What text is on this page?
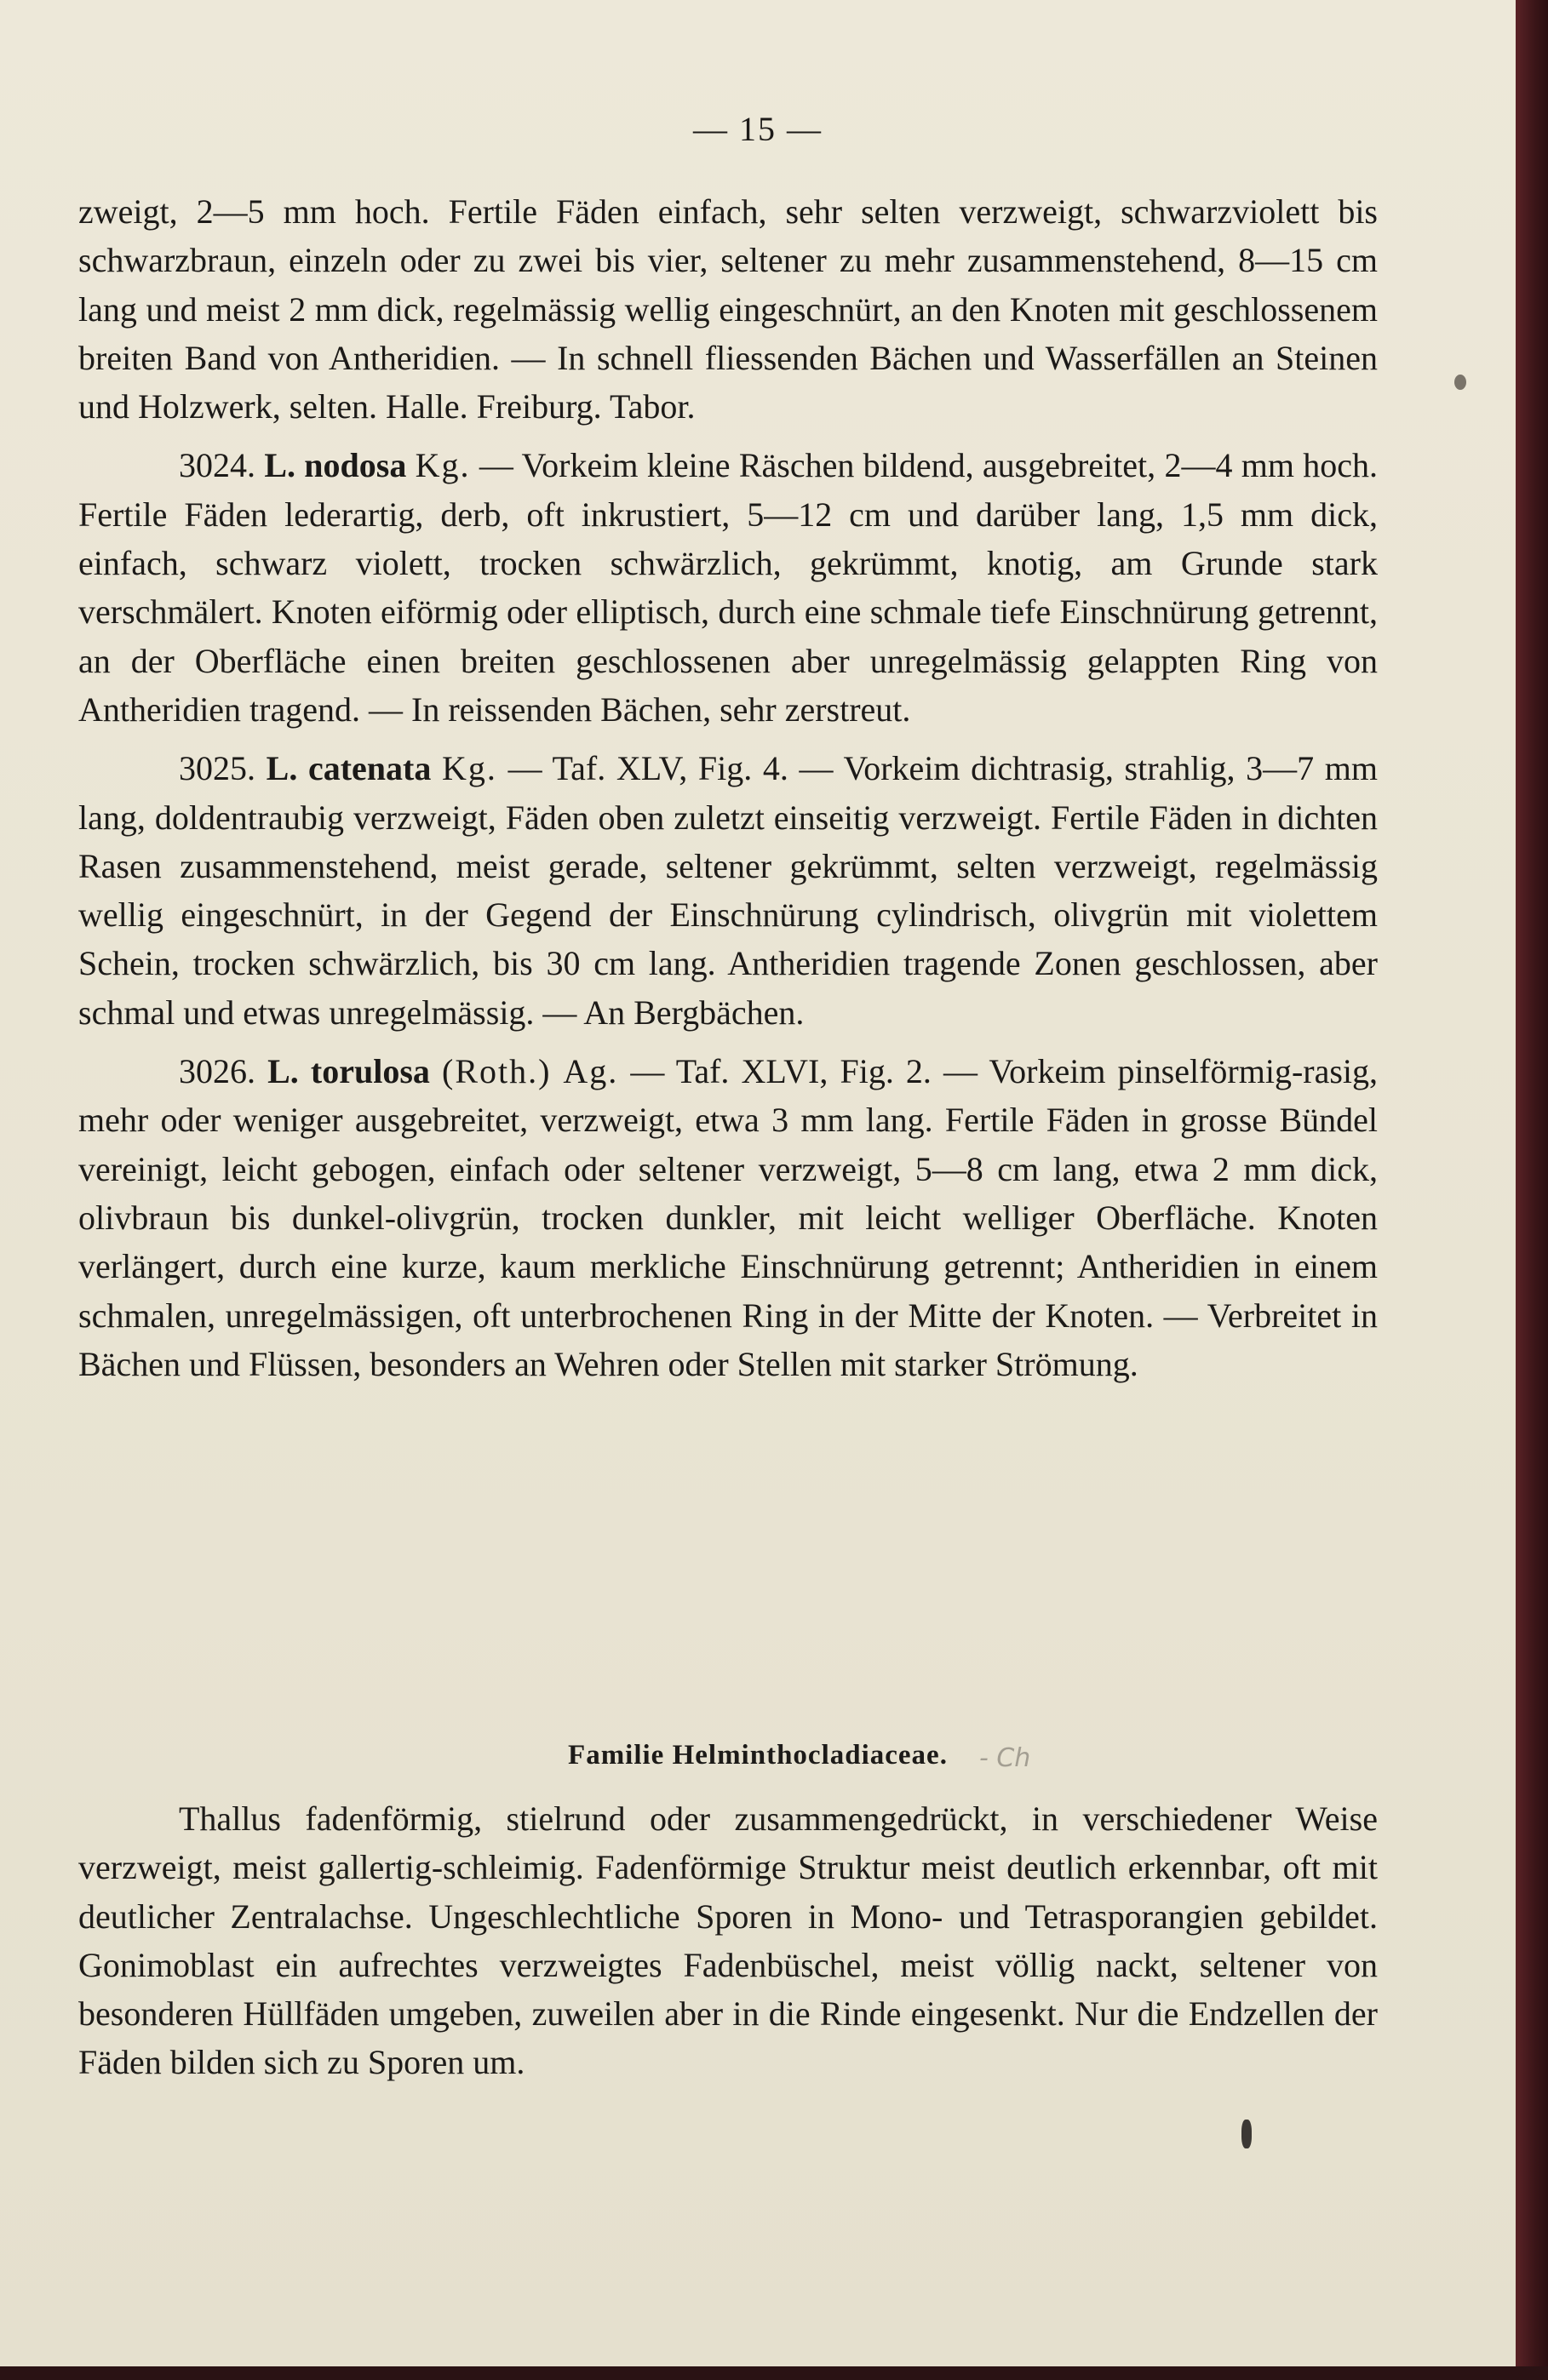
— 15 —

zweigt, 2—5 mm hoch. Fertile Fäden einfach, sehr selten verzweigt, schwarzviolett bis schwarzbraun, einzeln oder zu zwei bis vier, seltener zu mehr zusammenstehend, 8—15 cm lang und meist 2 mm dick, regelmässig wellig eingeschnürt, an den Knoten mit geschlossenem breiten Band von Antheridien. — In schnell fliessenden Bächen und Wasserfällen an Steinen und Holzwerk, selten. Halle. Freiburg. Tabor.

3024. L. nodosa Kg. — Vorkeim kleine Räschen bildend, ausgebreitet, 2—4 mm hoch. Fertile Fäden lederartig, derb, oft inkrustiert, 5—12 cm und darüber lang, 1,5 mm dick, einfach, schwarz violett, trocken schwärzlich, gekrümmt, knotig, am Grunde stark verschmälert. Knoten eiförmig oder elliptisch, durch eine schmale tiefe Einschnürung getrennt, an der Oberfläche einen breiten geschlossenen aber unregelmässig gelappten Ring von Antheridien tragend. — In reissenden Bächen, sehr zerstreut.

3025. L. catenata Kg. — Taf. XLV, Fig. 4. — Vorkeim dichtrasig, strahlig, 3—7 mm lang, doldentraubig verzweigt, Fäden oben zuletzt einseitig verzweigt. Fertile Fäden in dichten Rasen zusammenstehend, meist gerade, seltener gekrümmt, selten verzweigt, regelmässig wellig eingeschnürt, in der Gegend der Einschnürung cylindrisch, olivgrün mit violettem Schein, trocken schwärzlich, bis 30 cm lang. Antheridien tragende Zonen geschlossen, aber schmal und etwas unregelmässig. — An Bergbächen.

3026. L. torulosa (Roth.) Ag. — Taf. XLVI, Fig. 2. — Vorkeim pinselförmig-rasig, mehr oder weniger ausgebreitet, verzweigt, etwa 3 mm lang. Fertile Fäden in grosse Bündel vereinigt, leicht gebogen, einfach oder seltener verzweigt, 5—8 cm lang, etwa 2 mm dick, olivbraun bis dunkel-olivgrün, trocken dunkler, mit leicht welliger Oberfläche. Knoten verlängert, durch eine kurze, kaum merkliche Einschnürung getrennt; Antheridien in einem schmalen, unregelmässigen, oft unterbrochenen Ring in der Mitte der Knoten. — Verbreitet in Bächen und Flüssen, besonders an Wehren oder Stellen mit starker Strömung.

Familie Helminthocladiaceae.	- Ch

Thallus fadenförmig, stielrund oder zusammengedrückt, in verschiedener Weise verzweigt, meist gallertig-schleimig. Fadenförmige Struktur meist deutlich erkennbar, oft mit deutlicher Zentralachse. Ungeschlechtliche Sporen in Mono- und Tetrasporangien gebildet. Gonimoblast ein aufrechtes verzweigtes Fadenbüschel, meist völlig nackt, seltener von besonderen Hüllfäden umgeben, zuweilen aber in die Rinde eingesenkt. Nur die Endzellen der Fäden bilden sich zu Sporen um.
